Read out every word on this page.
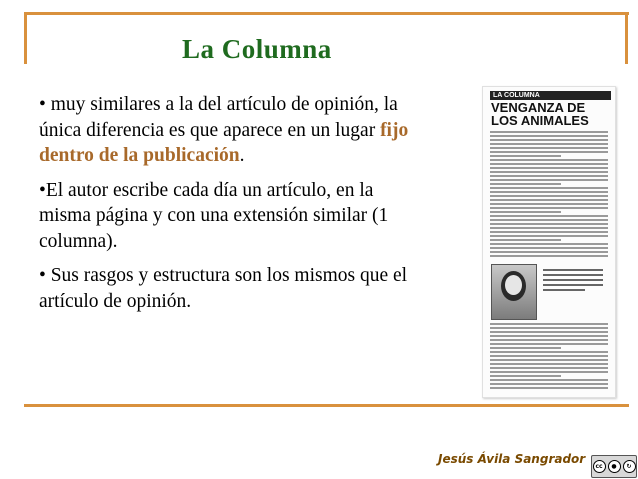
La Columna

• muy similares a la del artículo de opinión, la única diferencia es que aparece en un lugar fijo dentro de la publicación.

•El autor escribe cada día un artículo, en la misma página y con una extensión similar (1 columna).

• Sus rasgos y estructura son los mismos que el artículo de opinión.

LA COLUMNA
VENGANZA DE LOS ANIMALES
Jesús Ávila Sangrador
cc	●	↻
